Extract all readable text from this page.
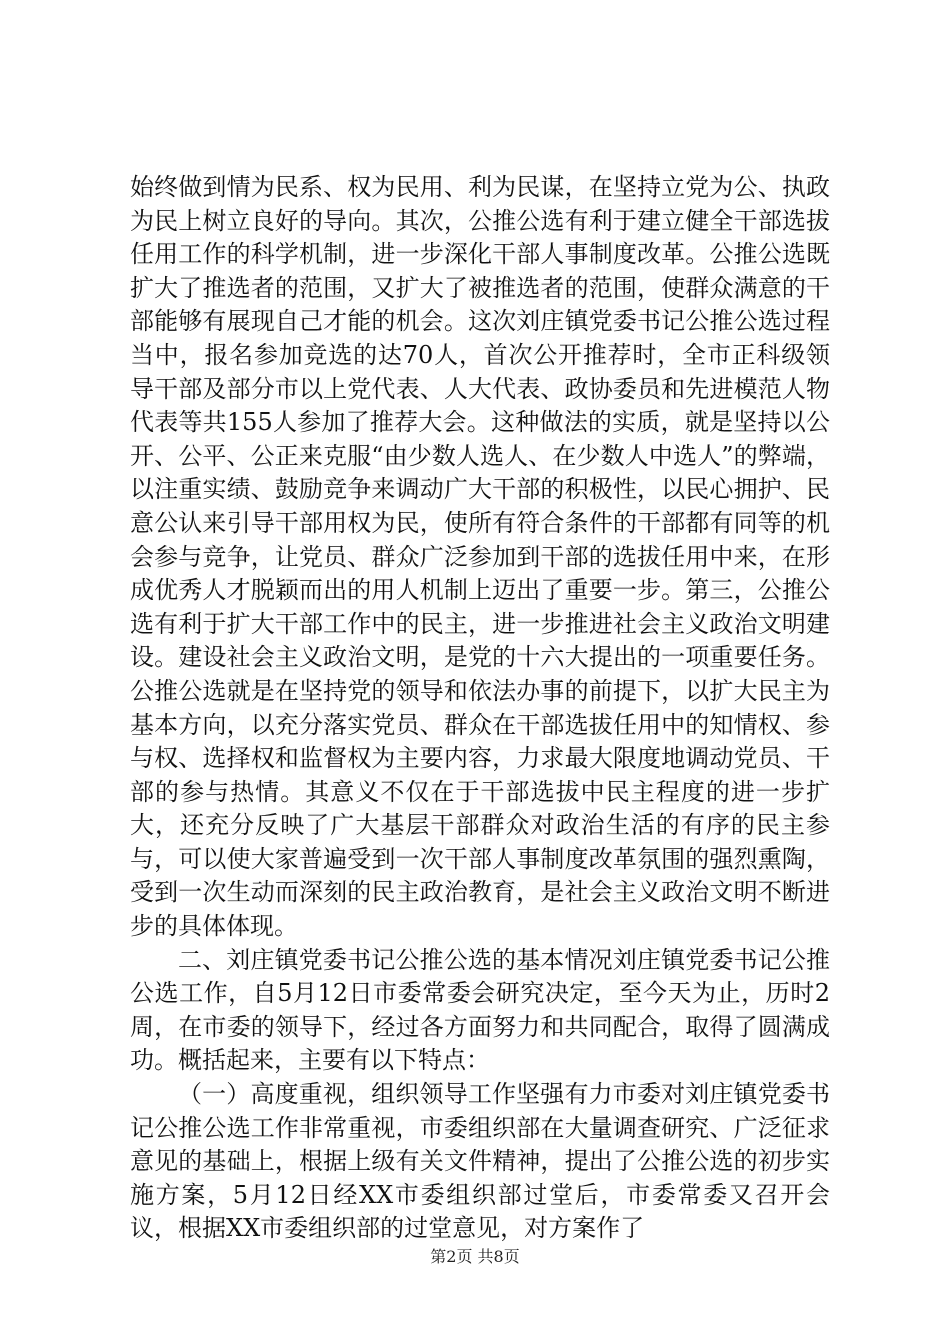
始终做到情为民系、权为民用、利为民谋，在坚持立党为公、执政为民上树立良好的导向。其次，公推公选有利于建立健全干部选拔任用工作的科学机制，进一步深化干部人事制度改革。公推公选既扩大了推选者的范围，又扩大了被推选者的范围，使群众满意的干部能够有展现自己才能的机会。这次刘庄镇党委书记公推公选过程当中，报名参加竞选的达70人，首次公开推荐时，全市正科级领导干部及部分市以上党代表、人大代表、政协委员和先进模范人物代表等共155人参加了推荐大会。这种做法的实质，就是坚持以公开、公平、公正来克服“由少数人选人、在少数人中选人”的弊端，以注重实绩、鼓励竞争来调动广大干部的积极性，以民心拥护、民意公认来引导干部用权为民，使所有符合条件的干部都有同等的机会参与竞争，让党员、群众广泛参加到干部的选拔任用中来，在形成优秀人才脱颖而出的用人机制上迈出了重要一步。第三，公推公选有利于扩大干部工作中的民主，进一步推进社会主义政治文明建设。建设社会主义政治文明，是党的十六大提出的一项重要任务。公推公选就是在坚持党的领导和依法办事的前提下，以扩大民主为基本方向，以充分落实党员、群众在干部选拔任用中的知情权、参与权、选择权和监督权为主要内容，力求最大限度地调动党员、干部的参与热情。其意义不仅在于干部选拔中民主程度的进一步扩大，还充分反映了广大基层干部群众对政治生活的有序的民主参与，可以使大家普遍受到一次干部人事制度改革氛围的强烈熏陶，受到一次生动而深刻的民主政治教育，是社会主义政治文明不断进步的具体体现。

二、刘庄镇党委书记公推公选的基本情况刘庄镇党委书记公推公选工作，自5月12日市委常委会研究决定，至今天为止，历时2周，在市委的领导下，经过各方面努力和共同配合，取得了圆满成功。概括起来，主要有以下特点：

（一）高度重视，组织领导工作坚强有力市委对刘庄镇党委书记公推公选工作非常重视，市委组织部在大量调查研究、广泛征求意见的基础上，根据上级有关文件精神，提出了公推公选的初步实施方案，5月12日经XX市委组织部过堂后，市委常委又召开会议，根据XX市委组织部的过堂意见，对方案作了

第2页 共8页
